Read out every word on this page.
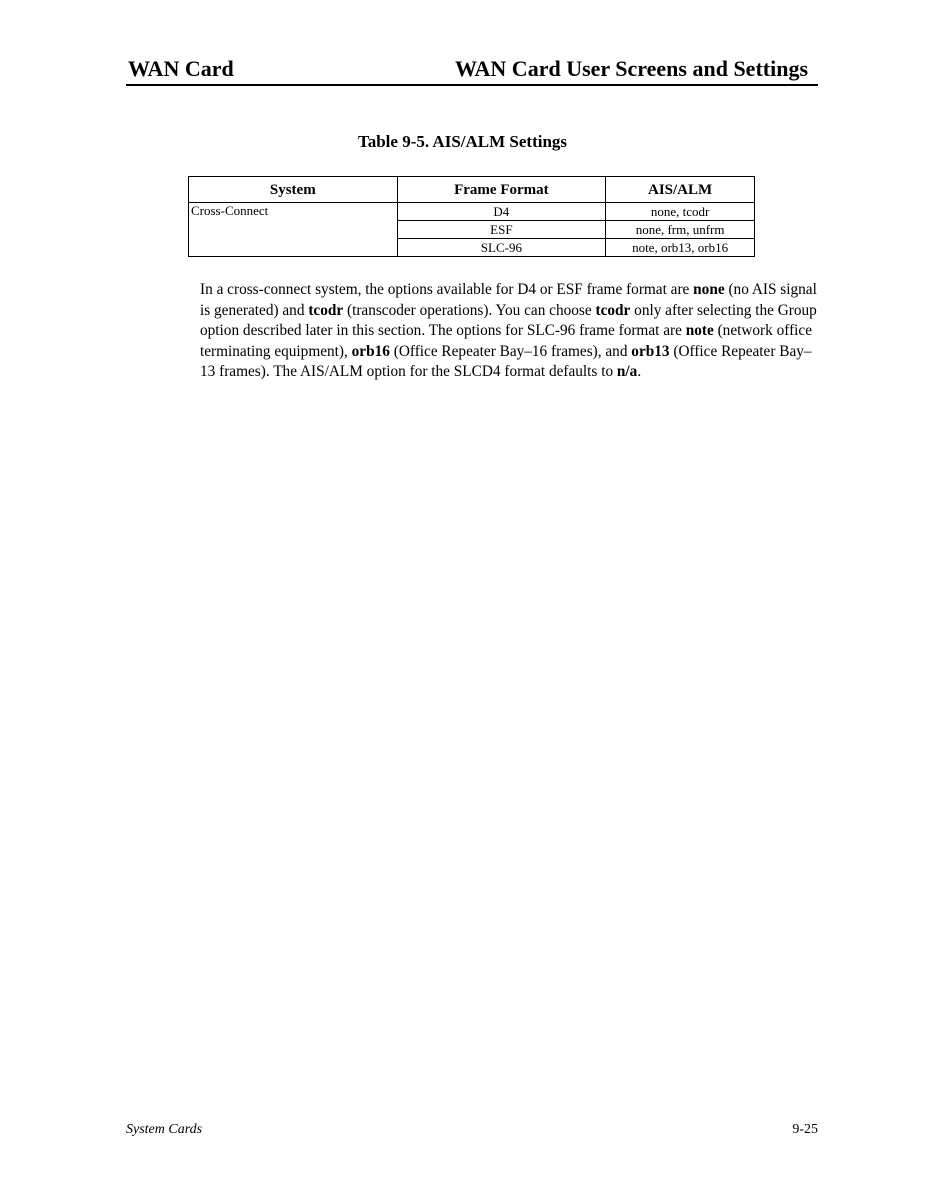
WAN Card	WAN Card User Screens and Settings
Table 9-5. AIS/ALM Settings
System	Frame Format	AIS/ALM
Cross-Connect	D4	none, tcodr
	ESF	none, frm, unfrm
	SLC-96	note, orb13, orb16
In a cross-connect system, the options available for D4 or ESF frame format are none (no AIS signal is generated) and tcodr (transcoder operations). You can choose tcodr only after selecting the Group option described later in this section. The options for SLC-96 frame format are note (network office terminating equipment), orb16 (Office Repeater Bay–16 frames), and orb13 (Office Repeater Bay–13 frames). The AIS/ALM option for the SLCD4 format defaults to n/a.
System Cards	9-25
